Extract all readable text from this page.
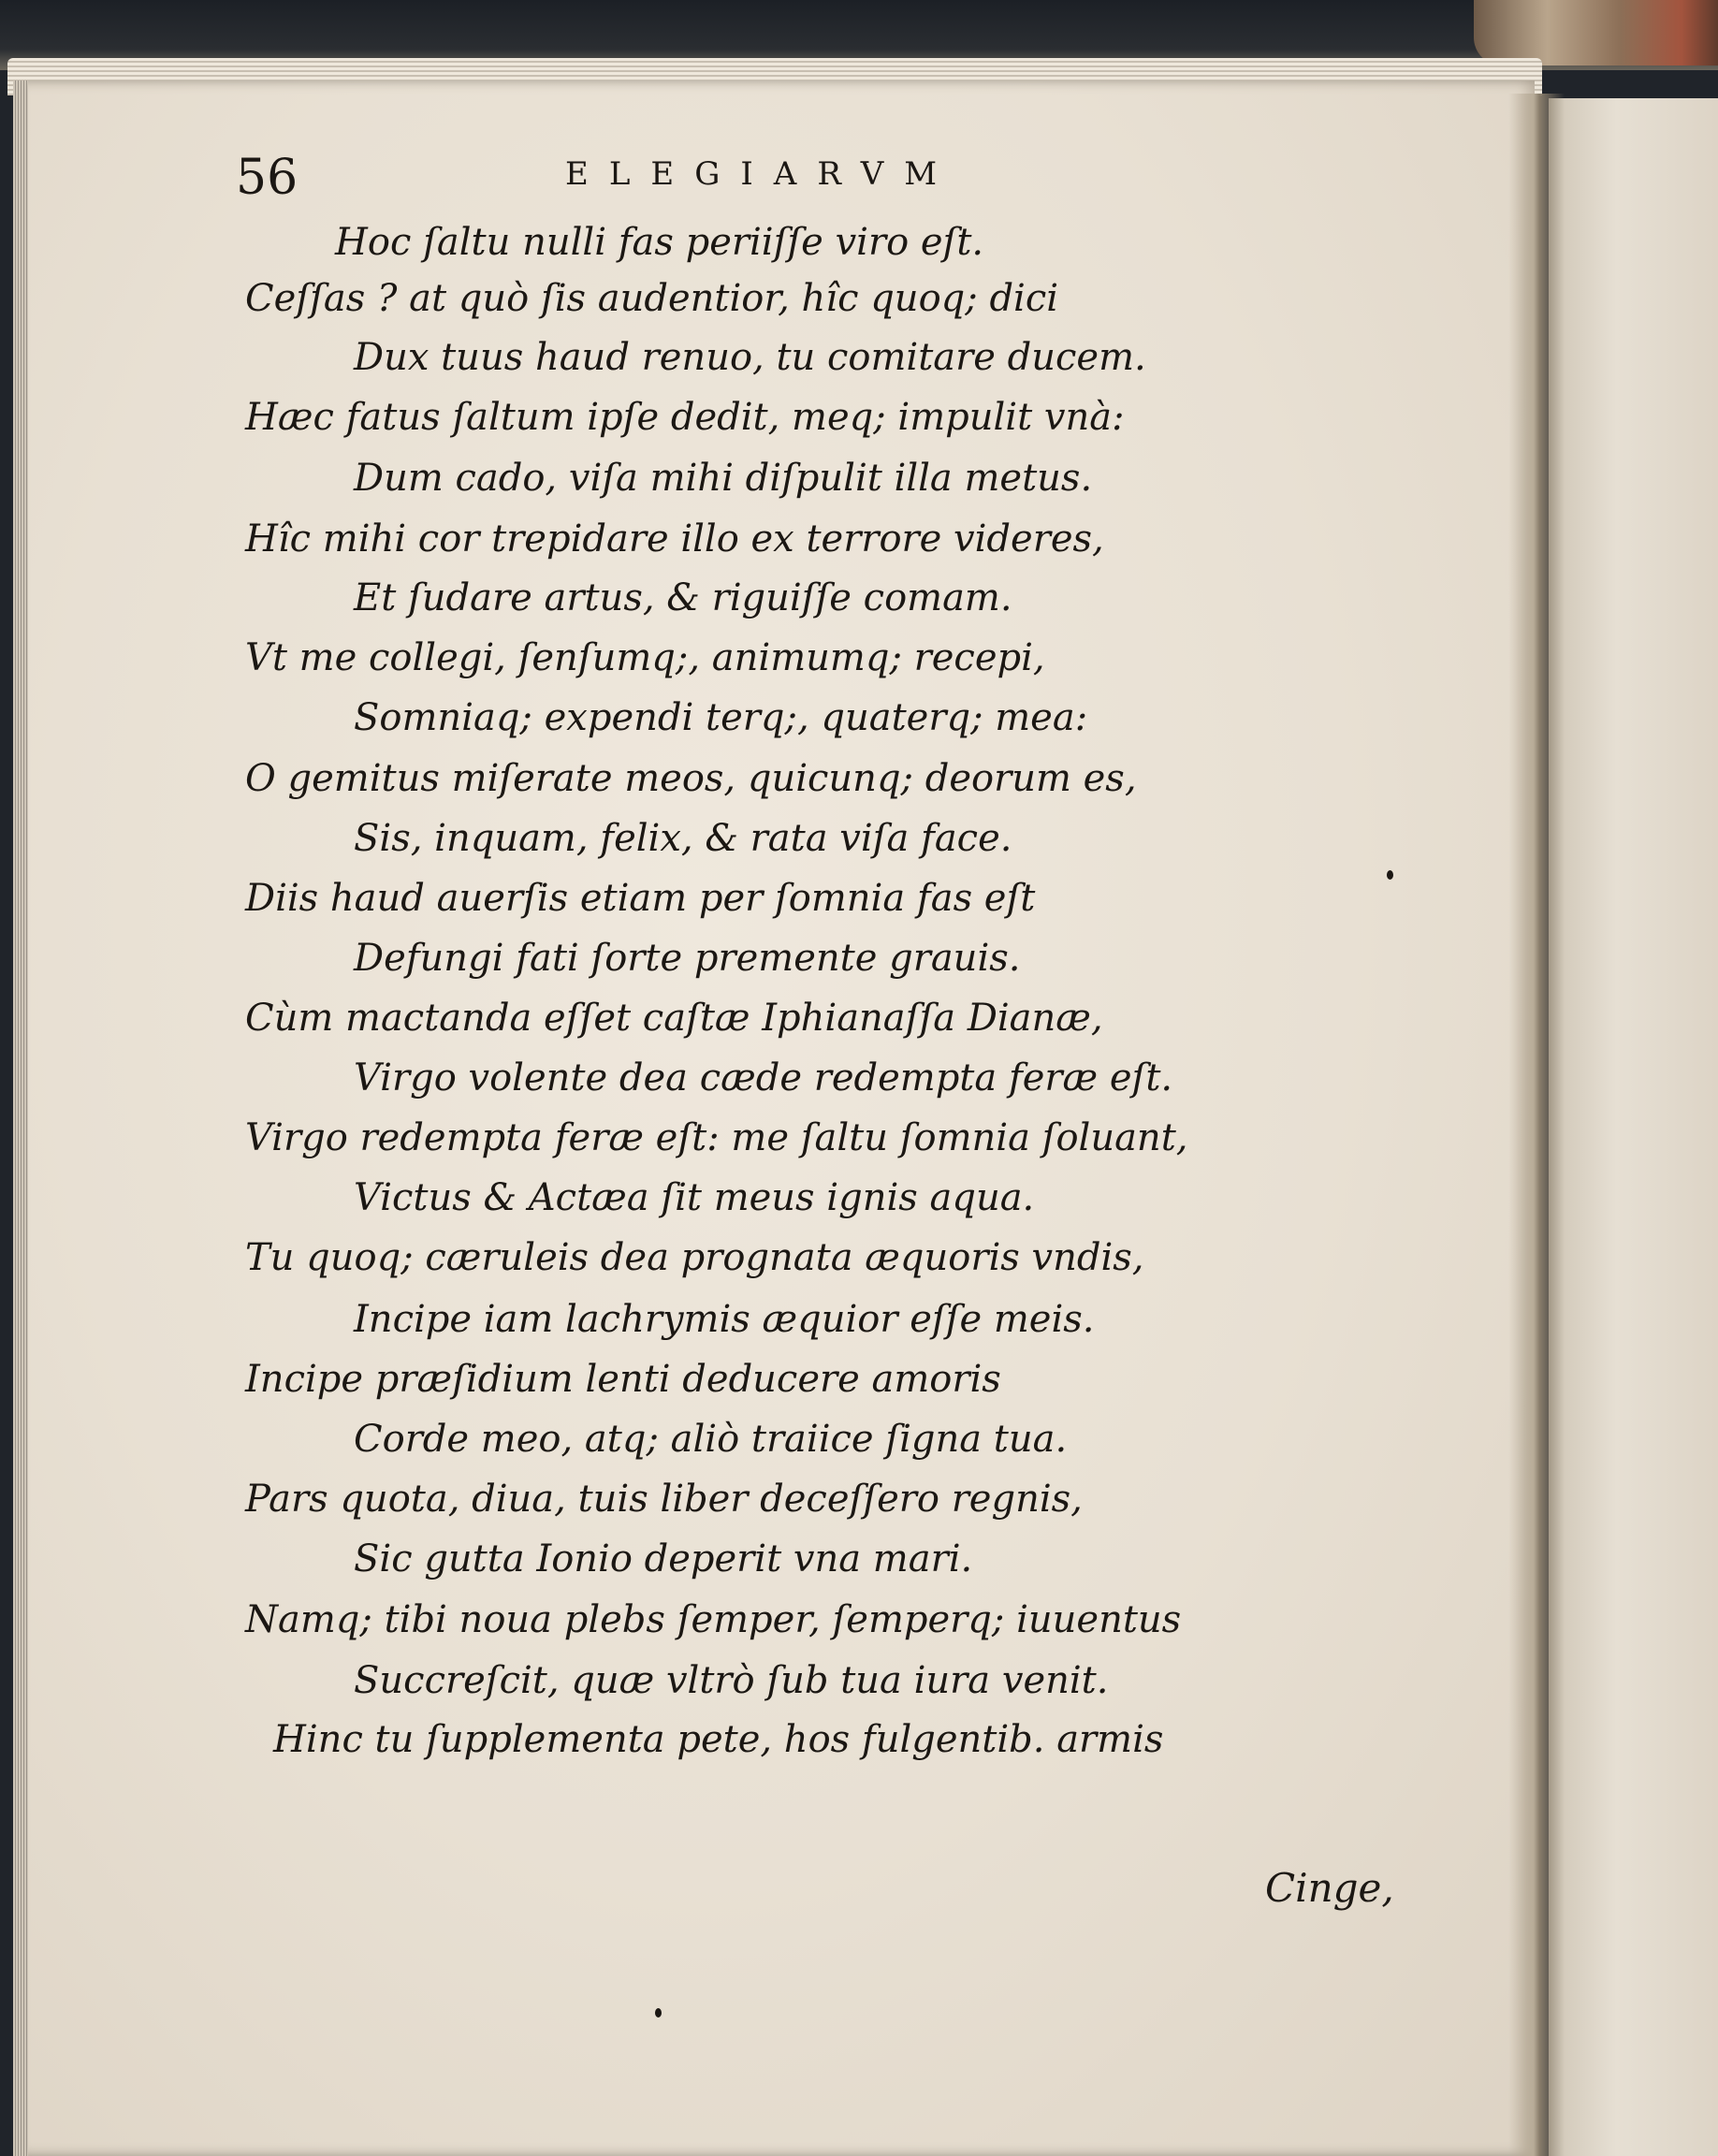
56	ELEGIARVM
Hoc ſaltu nulli fas periiſſe viro eſt.
Ceſſas ? at quò ſis audentior, hîc quoq; dici
Dux tuus haud renuo, tu comitare ducem.
Hæc fatus ſaltum ipſe dedit, meq; impulit vnà:
Dum cado, viſa mihi diſpulit illa metus.
Hîc mihi cor trepidare illo ex terrore videres,
Et ſudare artus, & riguiſſe comam.
Vt me collegi, ſenſumq;, animumq; recepi,
Somniaq; expendi terq;, quaterq; mea:
O gemitus miſerate meos, quicunq; deorum es,
Sis, inquam, felix, & rata viſa face.
Diis haud auerſis etiam per ſomnia fas eſt
Defungi fati ſorte premente grauis.
Cùm mactanda eſſet caſtæ Iphianaſſa Dianæ,
Virgo volente dea cæde redempta feræ eſt.
Virgo redempta feræ eſt: me ſaltu ſomnia ſoluant,
Victus & Actæa ſit meus ignis aqua.
Tu quoq; cæruleis dea prognata æquoris vndis,
Incipe iam lachrymis æquior eſſe meis.
Incipe præſidium lenti deducere amoris
Corde meo, atq; aliò traiice ſigna tua.
Pars quota, diua, tuis liber deceſſero regnis,
Sic gutta Ionio deperit vna mari.
Namq; tibi noua plebs ſemper, ſemperq; iuuentus
Succreſcit, quæ vltrò ſub tua iura venit.
Hinc tu ſupplementa pete, hos fulgentib. armis
Cinge,
